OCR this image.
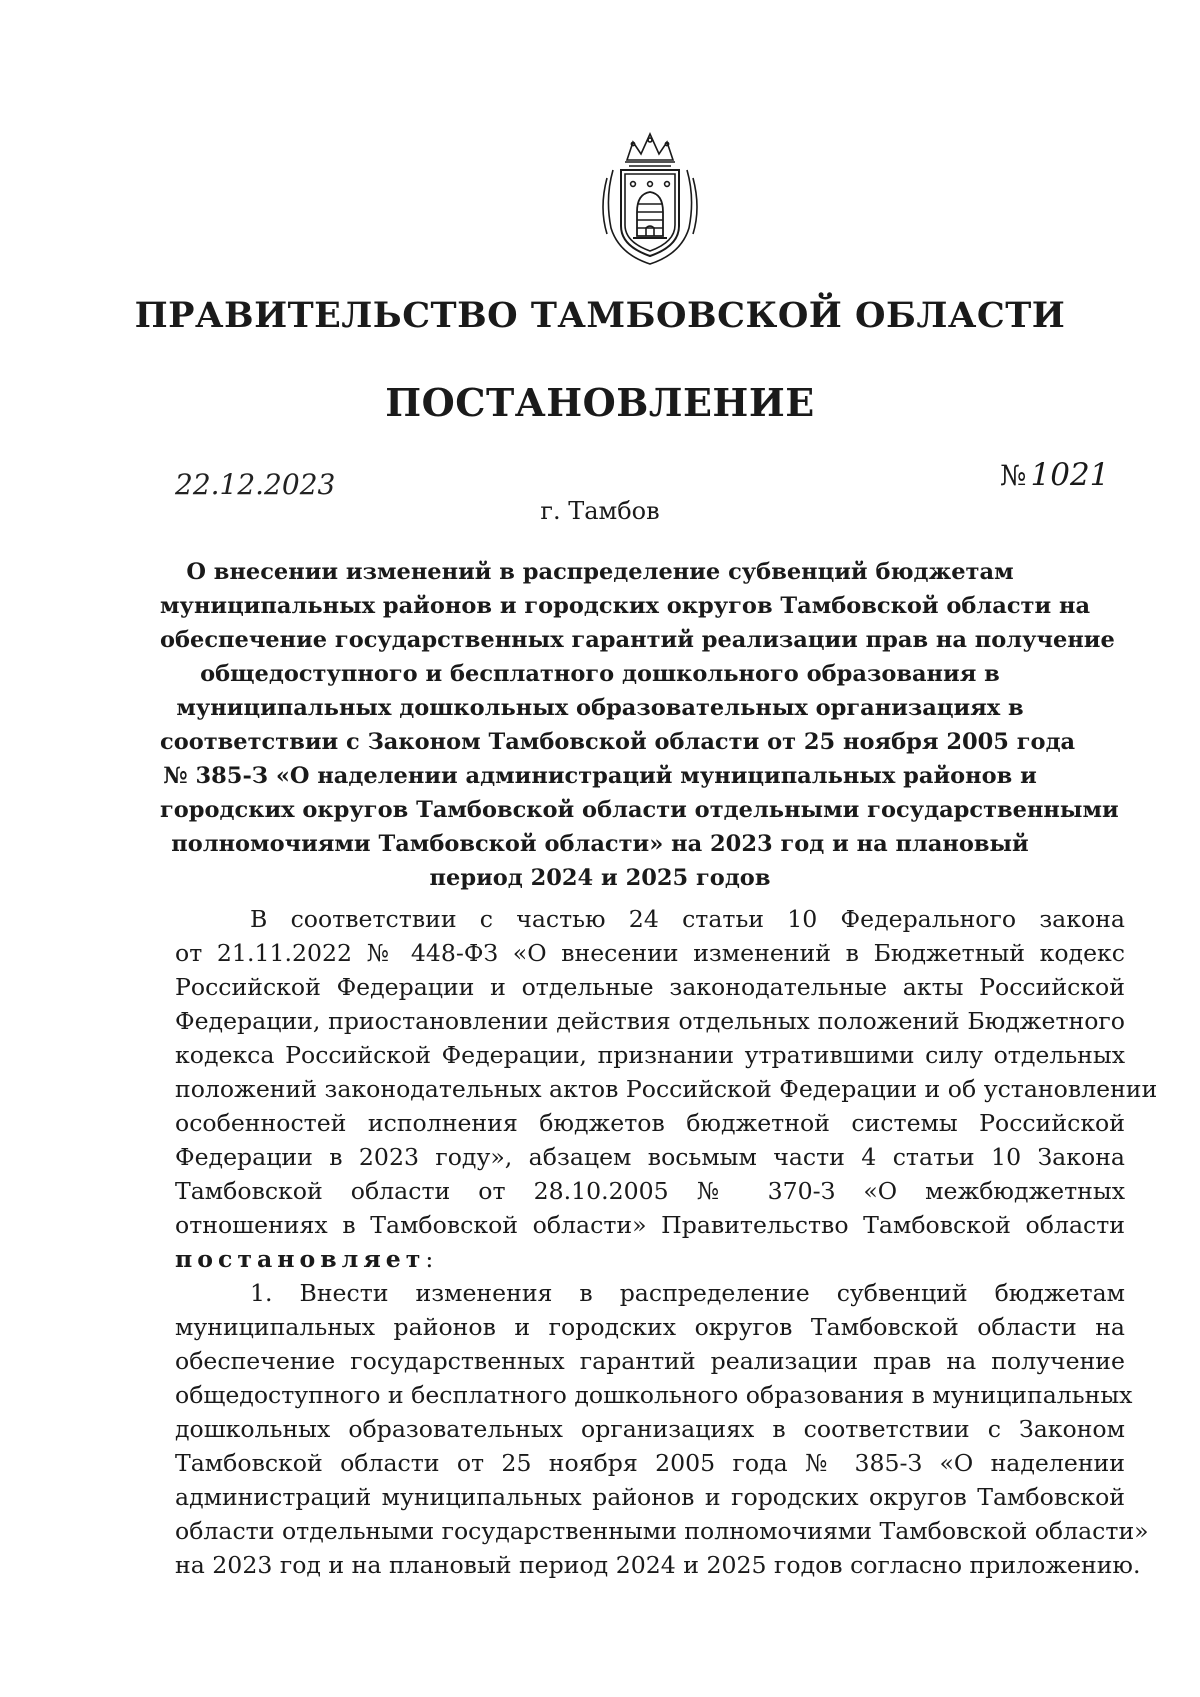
ПРАВИТЕЛЬСТВО ТАМБОВСКОЙ ОБЛАСТИ
ПОСТАНОВЛЕНИЕ
22.12.2023	№ 1021
г. Тамбов
О внесении изменений в распределение субвенций бюджетам
муниципальных районов и городских округов Тамбовской области на
обеспечение государственных гарантий реализации прав на получение
общедоступного и бесплатного дошкольного образования в
муниципальных дошкольных образовательных организациях в
соответствии с Законом Тамбовской области от 25 ноября 2005 года
№ 385-З «О наделении администраций муниципальных районов и
городских округов Тамбовской области отдельными государственными
полномочиями Тамбовской области» на 2023 год и на плановый
период 2024 и 2025 годов
В соответствии с частью 24 статьи 10 Федерального закона
от 21.11.2022 № 448-ФЗ «О внесении изменений в Бюджетный кодекс
Российской Федерации и отдельные законодательные акты Российской
Федерации, приостановлении действия отдельных положений Бюджетного
кодекса Российской Федерации, признании утратившими силу отдельных
положений законодательных актов Российской Федерации и об установлении
особенностей исполнения бюджетов бюджетной системы Российской
Федерации в 2023 году», абзацем восьмым части 4 статьи 10 Закона
Тамбовской области от 28.10.2005 № 370-З «О межбюджетных
отношениях в Тамбовской области» Правительство Тамбовской области
постановляет:
1. Внести изменения в распределение субвенций бюджетам
муниципальных районов и городских округов Тамбовской области на
обеспечение государственных гарантий реализации прав на получение
общедоступного и бесплатного дошкольного образования в муниципальных
дошкольных образовательных организациях в соответствии с Законом
Тамбовской области от 25 ноября 2005 года № 385-З «О наделении
администраций муниципальных районов и городских округов Тамбовской
области отдельными государственными полномочиями Тамбовской области»
на 2023 год и на плановый период 2024 и 2025 годов согласно приложению.
